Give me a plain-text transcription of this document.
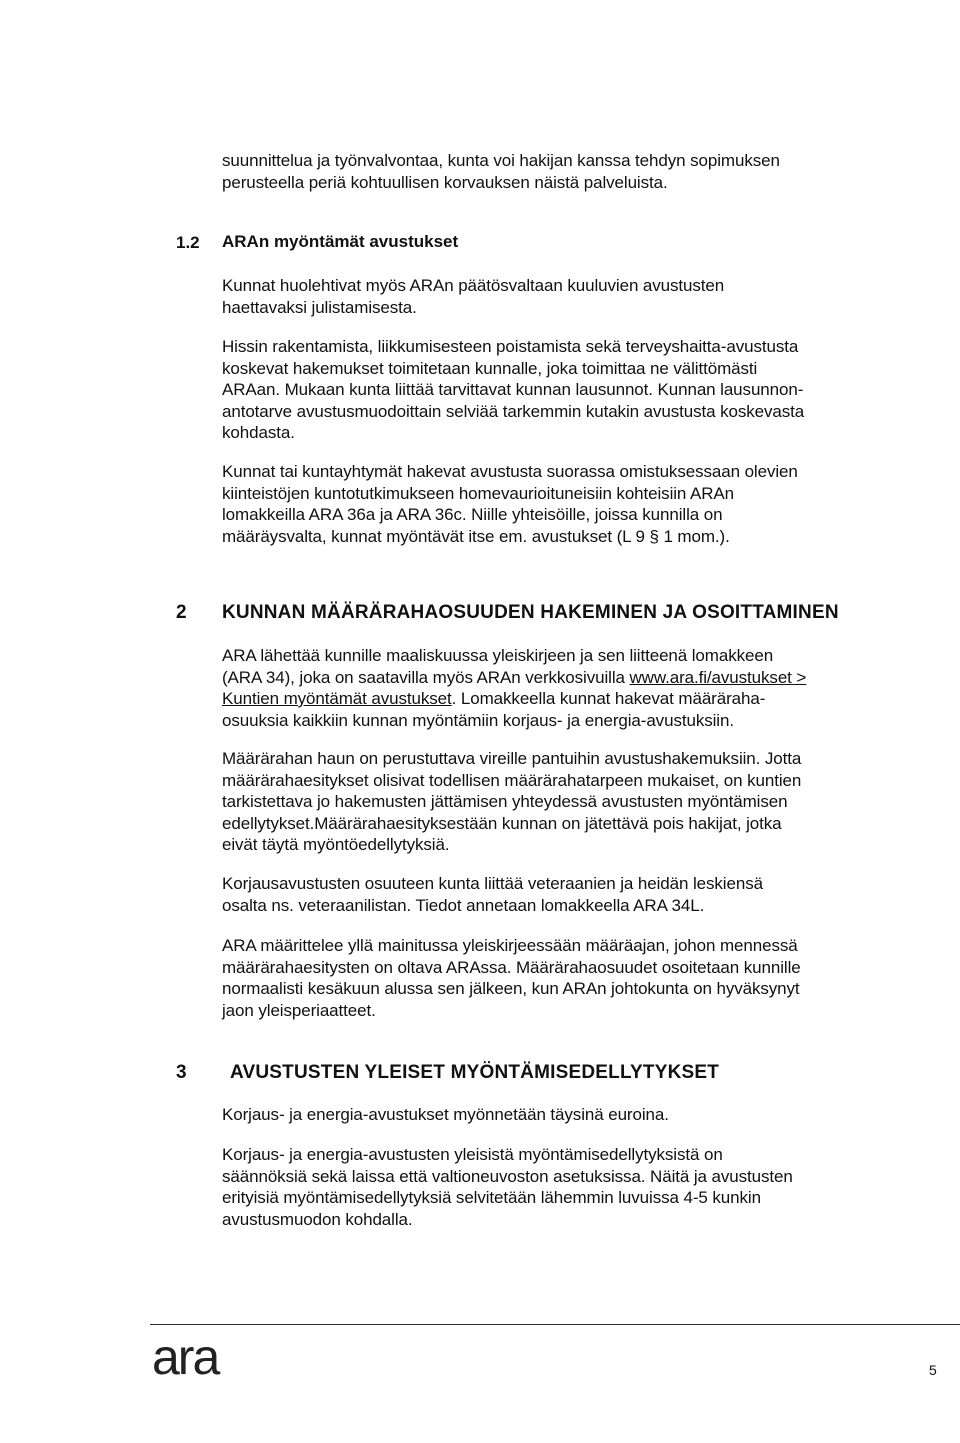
suunnittelua ja työnvalvontaa, kunta voi hakijan kanssa tehdyn sopimuksen
perusteella periä kohtuullisen korvauksen näistä palveluista.
1.2 ARAn myöntämät avustukset
Kunnat huolehtivat myös ARAn päätösvaltaan kuuluvien avustusten
haettavaksi julistamisesta.
Hissin rakentamista, liikkumisesteen poistamista sekä terveyshaitta-avustusta
koskevat hakemukset toimitetaan kunnalle, joka toimittaa ne välittömästi
ARAan. Mukaan kunta liittää tarvittavat kunnan lausunnot. Kunnan lausunnon-
antotarve avustusmuodoittain selviää tarkemmin kutakin avustusta koskevasta
kohdasta.
Kunnat tai kuntayhtymät hakevat avustusta suorassa omistuksessaan olevien
kiinteistöjen kuntotutkimukseen homevaurioituneisiin kohteisiin ARAn
lomakkeilla ARA 36a ja ARA 36c. Niille yhteisöille, joissa kunnilla on
määräysvalta, kunnat myöntävät itse em. avustukset (L 9 § 1 mom.).
2 KUNNAN MÄÄRÄRAHAOSUUDEN HAKEMINEN JA OSOITTAMINEN
ARA lähettää kunnille maaliskuussa yleiskirjeen ja sen liitteenä lomakkeen
(ARA 34), joka on saatavilla myös ARAn verkkosivuilla www.ara.fi/avustukset >
Kuntien myöntämät avustukset. Lomakkeella kunnat hakevat määräraha-
osuuksia kaikkiin kunnan myöntämiin korjaus- ja energia-avustuksiin.
Määrärahan haun on perustuttava vireille pantuihin avustushakemuksiin. Jotta
määrärahaesitykset olisivat todellisen määrärahatarpeen mukaiset, on kuntien
tarkistettava jo hakemusten jättämisen yhteydessä avustusten myöntämisen
edellytykset.Määrärahaesityksestään kunnan on jätettävä pois hakijat, jotka
eivät täytä myöntöedellytyksiä.
Korjausavustusten osuuteen kunta liittää veteraanien ja heidän leskiensä
osalta ns. veteraanilistan. Tiedot annetaan lomakkeella ARA 34L.
ARA määrittelee yllä mainitussa yleiskirjeessään määräajan, johon mennessä
määrärahaesitysten on oltava ARAssa. Määrärahaosuudet osoitetaan kunnille
normaalisti kesäkuun alussa sen jälkeen, kun ARAn johtokunta on hyväksynyt
jaon yleisperiaatteet.
3 AVUSTUSTEN YLEISET MYÖNTÄMISEDELLYTYKSET
Korjaus- ja energia-avustukset myönnetään täysinä euroina.
Korjaus- ja energia-avustusten yleisistä myöntämisedellytyksistä on
säännöksiä sekä laissa että valtioneuvoston asetuksissa. Näitä ja avustusten
erityisiä myöntämisedellytyksiä selvitetään lähemmin luvuissa 4-5 kunkin
avustusmuodon kohdalla.
ara	5
